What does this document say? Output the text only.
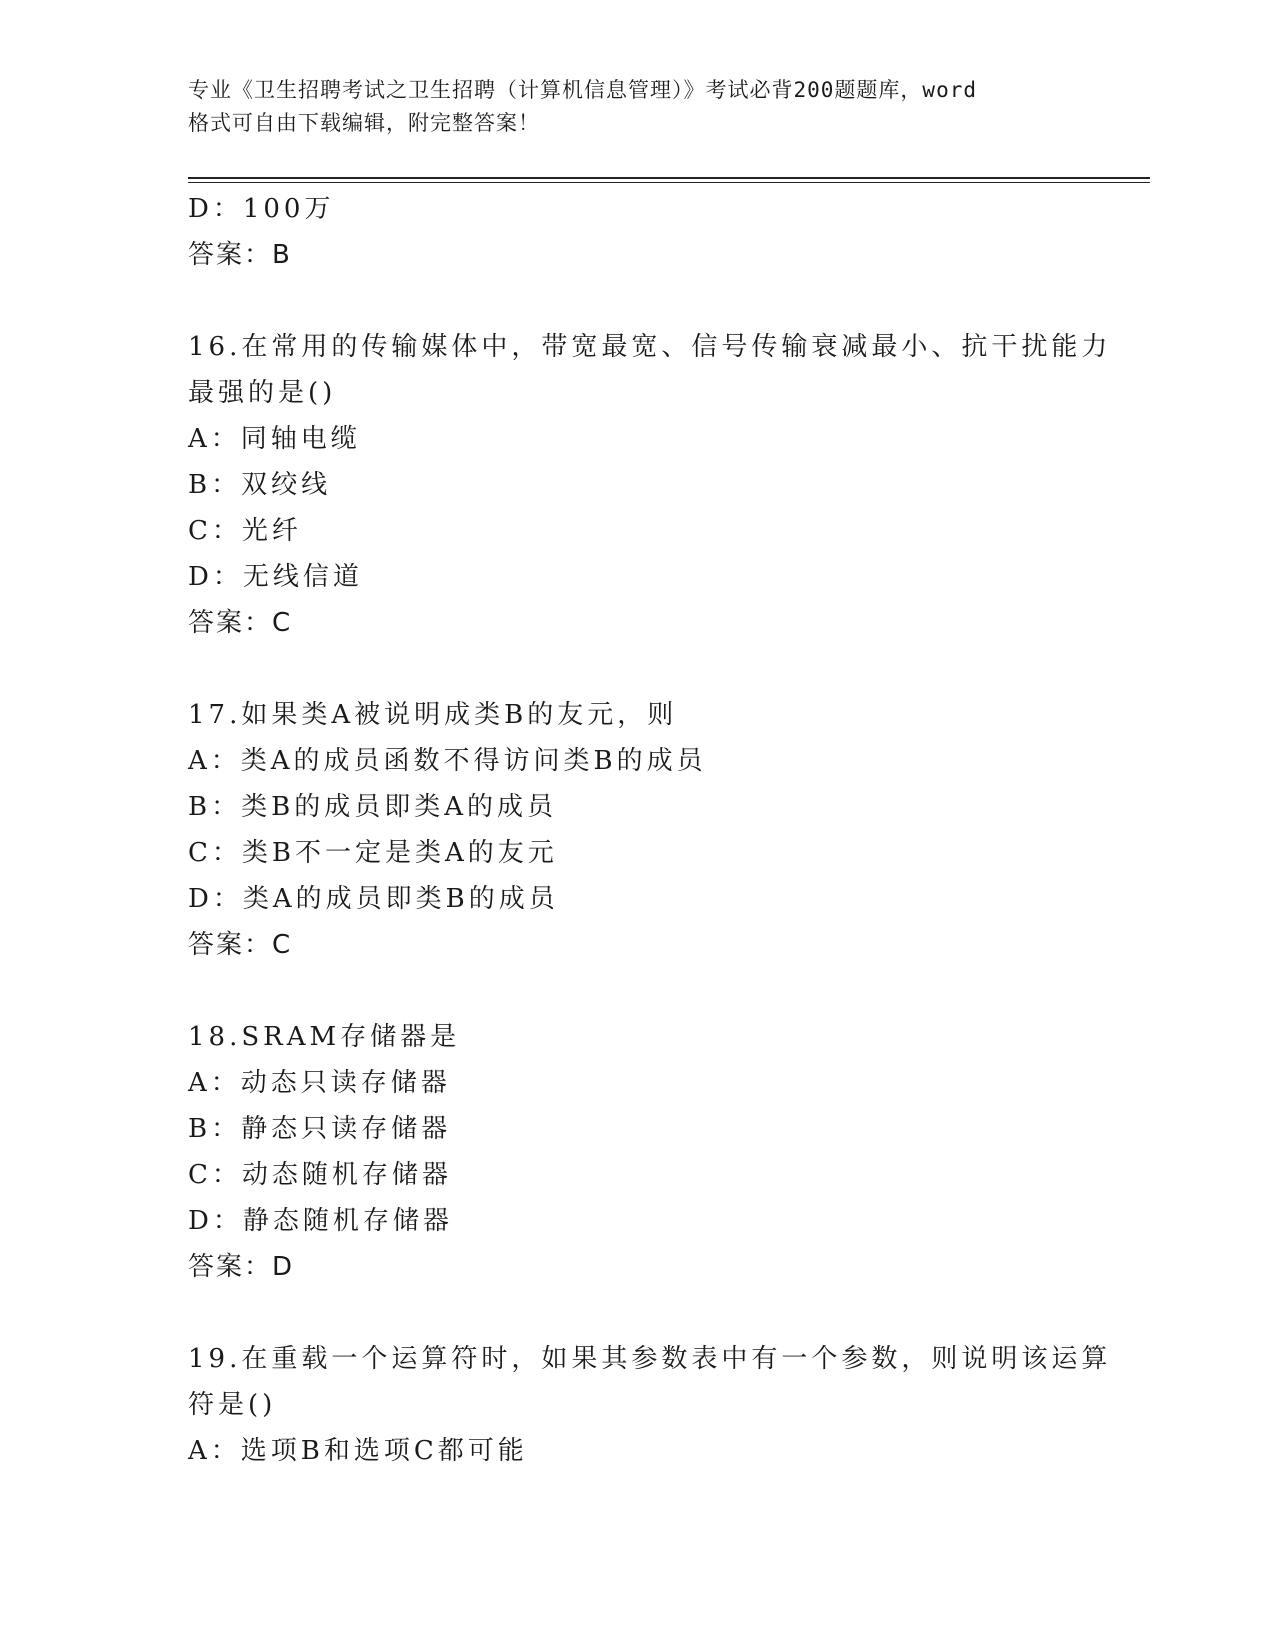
专业《卫生招聘考试之卫生招聘（计算机信息管理）》考试必背200题题库，word
格式可自由下载编辑，附完整答案！
D：100万
答案：B
16.在常用的传输媒体中，带宽最宽、信号传输衰减最小、抗干扰能力
最强的是()
A：同轴电缆
B：双绞线
C：光纤
D：无线信道
答案：C
17.如果类A被说明成类B的友元，则
A：类A的成员函数不得访问类B的成员
B：类B的成员即类A的成员
C：类B不一定是类A的友元
D：类A的成员即类B的成员
答案：C
18.SRAM存储器是
A：动态只读存储器
B：静态只读存储器
C：动态随机存储器
D：静态随机存储器
答案：D
19.在重载一个运算符时，如果其参数表中有一个参数，则说明该运算
符是()
A：选项B和选项C都可能
